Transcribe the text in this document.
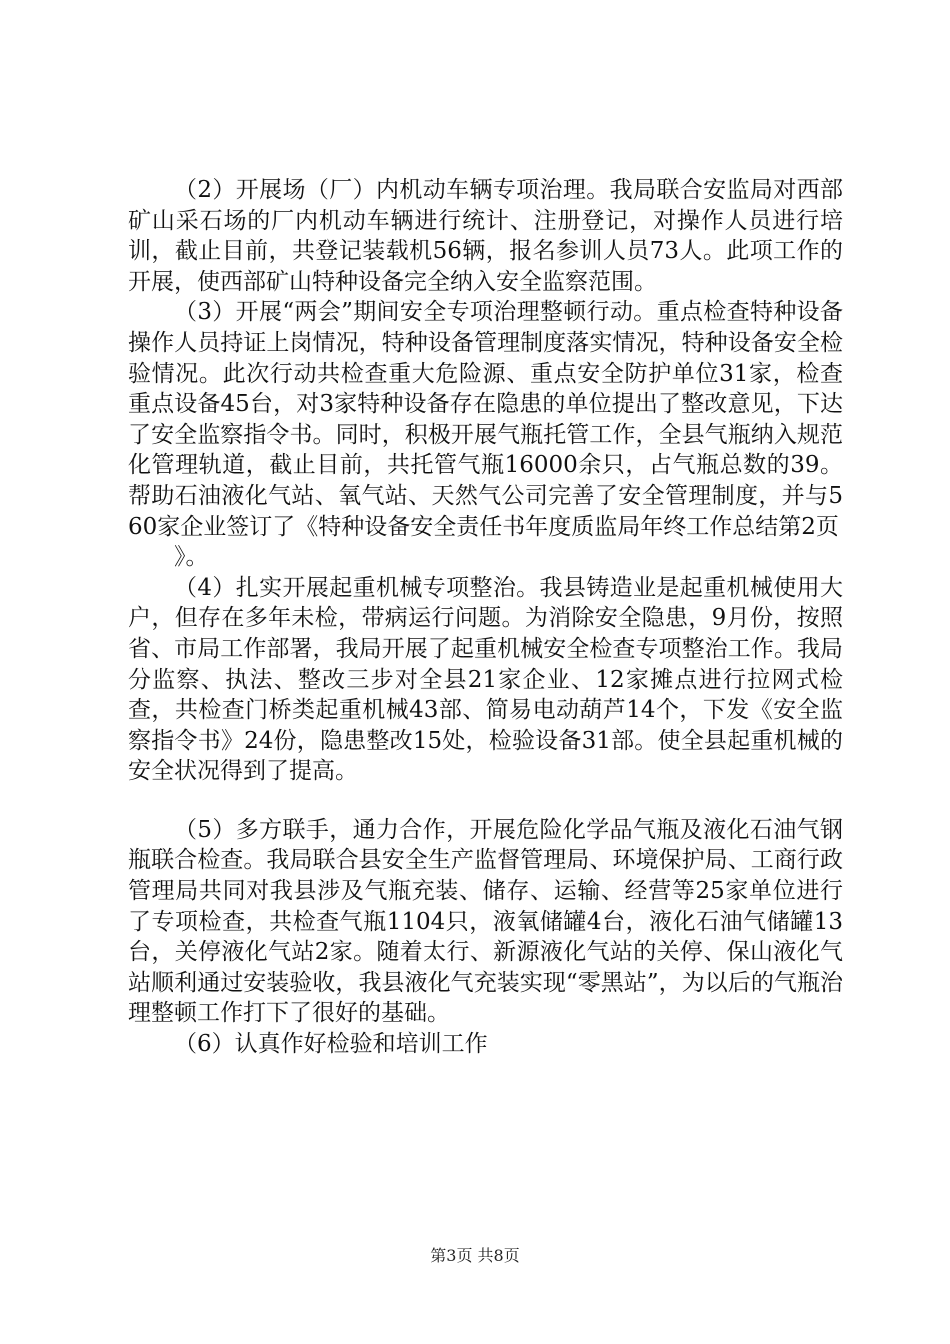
（2）开展场（厂）内机动车辆专项治理。我局联合安监局对西部矿山采石场的厂内机动车辆进行统计、注册登记，对操作人员进行培训，截止目前，共登记装载机56辆，报名参训人员73人。此项工作的开展，使西部矿山特种设备完全纳入安全监察范围。

（3）开展“两会”期间安全专项治理整顿行动。重点检查特种设备操作人员持证上岗情况，特种设备管理制度落实情况，特种设备安全检验情况。此次行动共检查重大危险源、重点安全防护单位31家，检查重点设备45台，对3家特种设备存在隐患的单位提出了整改意见，下达了安全监察指令书。同时，积极开展气瓶托管工作，全县气瓶纳入规范化管理轨道，截止目前，共托管气瓶16000余只，占气瓶总数的39。帮助石油液化气站、氧气站、天然气公司完善了安全管理制度，并与560家企业签订了《特种设备安全责任书年度质监局年终工作总结第2页

》。

（4）扎实开展起重机械专项整治。我县铸造业是起重机械使用大户，但存在多年未检，带病运行问题。为消除安全隐患，9月份，按照省、市局工作部署，我局开展了起重机械安全检查专项整治工作。我局分监察、执法、整改三步对全县21家企业、12家摊点进行拉网式检查，共检查门桥类起重机械43部、简易电动葫芦14个，下发《安全监察指令书》24份，隐患整改15处，检验设备31部。使全县起重机械的安全状况得到了提高。

（5）多方联手，通力合作，开展危险化学品气瓶及液化石油气钢瓶联合检查。我局联合县安全生产监督管理局、环境保护局、工商行政管理局共同对我县涉及气瓶充装、储存、运输、经营等25家单位进行了专项检查，共检查气瓶1104只，液氧储罐4台，液化石油气储罐13台，关停液化气站2家。随着太行、新源液化气站的关停、保山液化气站顺利通过安装验收，我县液化气充装实现“零黑站”，为以后的气瓶治理整顿工作打下了很好的基础。

（6）认真作好检验和培训工作

第3页 共8页
